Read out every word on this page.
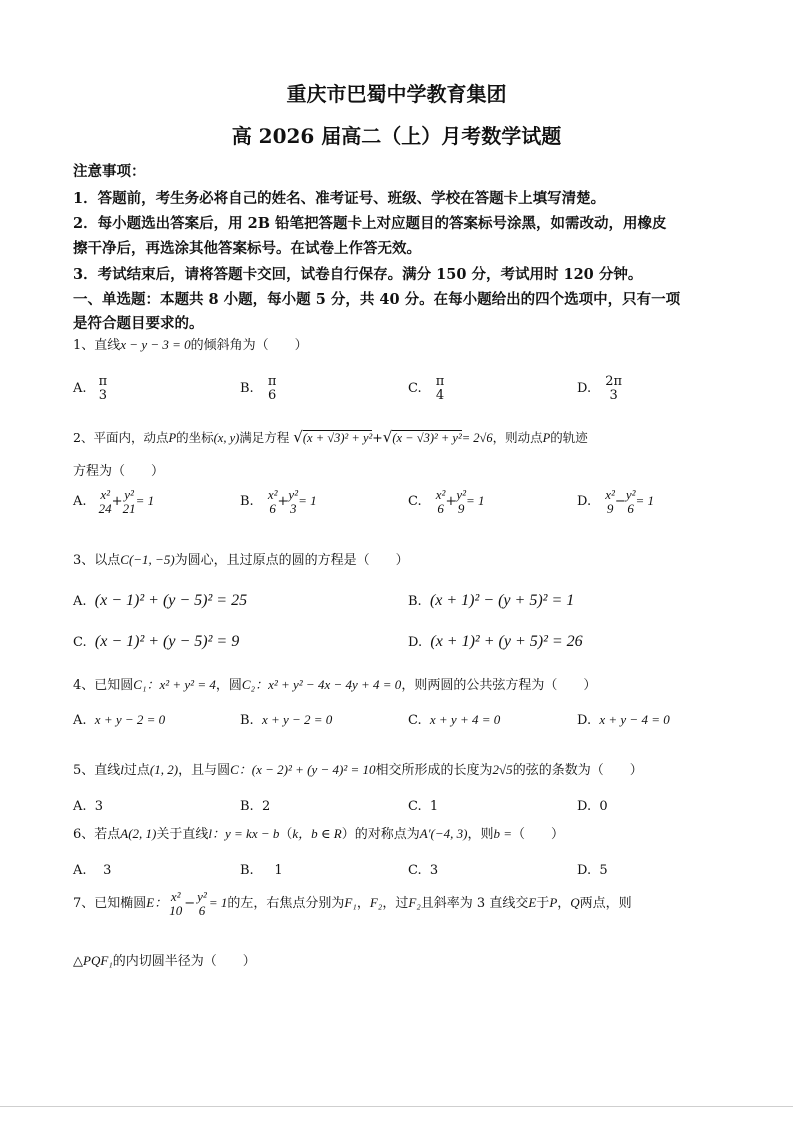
重庆市巴蜀中学教育集团
高 2026 届高二（上）月考数学试题
注意事项：
1．答题前，考生务必将自己的姓名、准考证号、班级、学校在答题卡上填写清楚。
2．每小题选出答案后，用 2B 铅笔把答题卡上对应题目的答案标号涂黑，如需改动，用橡皮
擦干净后，再选涂其他答案标号。在试卷上作答无效。
3．考试结束后，请将答题卡交回，试卷自行保存。满分 150 分，考试用时 120 分钟。
一、单选题：本题共 8 小题，每小题 5 分，共 40 分。在每小题给出的四个选项中，只有一项
是符合题目要求的。
1、直线x − y − 3 = 0的倾斜角为（　　）
A. π
3	B. π
6	C. π
4	D. 2π
3
2、平面内，动点P的坐标(x, y)满足方程 √(x + √3)² + y²+√(x − √3)² + y²= 2√6，则动点P的轨迹
方程为（　　）
A. x²
24 + y²
21 = 1	B. x²
6 + y²
3 = 1	C. x²
6 + y²
9 = 1	D. x²
9 − y²
6 = 1
3、以点C(−1, −5)为圆心，且过原点的圆的方程是（　　）
A. (x − 1)² + (y − 5)² = 25	B. (x + 1)² − (y + 5)² = 1
C. (x − 1)² + (y − 5)² = 9	D. (x + 1)² + (y + 5)² = 26
4、已知圆C₁：x² + y² = 4，圆C₂：x² + y² − 4x − 4y + 4 = 0，则两圆的公共弦方程为（　　）
A. x + y − 2 = 0	B. x + y − 2 = 0	C. x + y + 4 = 0	D. x + y − 4 = 0
5、直线l过点(1, 2)，且与圆C：(x − 2)² + (y − 4)² = 10相交所形成的长度为2√5的弦的条数为（　　）
A. 3	B. 2	C. 1	D. 0
6、若点A(2, 1)关于直线l：y = kx − b（k，b ∈ R）的对称点为A′(−4, 3)，则b =（　　）
A. 3	B. 1	C. 3	D. 5
7、已知椭圆E： x²
10 − y²
6 = 1的左，右焦点分别为F₁，F₂，过F₂且斜率为 3 直线交E于P，Q两点，则
△PQF₁的内切圆半径为（　　）
